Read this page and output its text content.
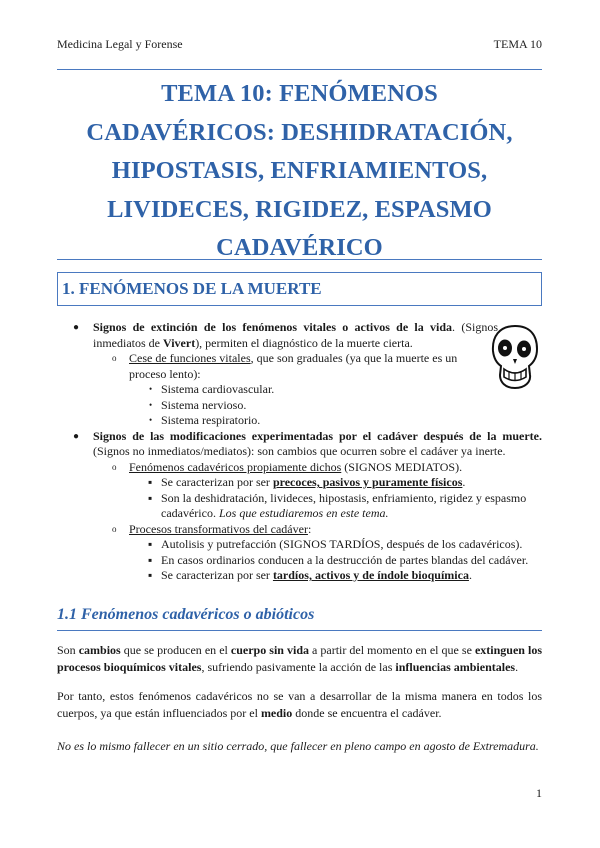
Medicina Legal y Forense	TEMA 10
TEMA 10: FENÓMENOS
CADAVÉRICOS: DESHIDRATACIÓN,
HIPOSTASIS, ENFRIAMIENTOS,
LIVIDECES, RIGIDEZ, ESPASMO
CADAVÉRICO
1. FENÓMENOS DE LA MUERTE
● Signos de extinción de los fenómenos vitales o activos de la vida. (Signos inmediatos de Vivert), permiten el diagnóstico de la muerte cierta.
o Cese de funciones vitales, que son graduales (ya que la muerte es un proceso lento):
• Sistema cardiovascular.
• Sistema nervioso.
• Sistema respiratorio.
● Signos de las modificaciones experimentadas por el cadáver después de la muerte. (Signos no inmediatos/mediatos): son cambios que ocurren sobre el cadáver ya inerte.
o Fenómenos cadavéricos propiamente dichos (SIGNOS MEDIATOS).
▪ Se caracterizan por ser precoces, pasivos y puramente físicos.
▪ Son la deshidratación, lividеces, hipostasis, enfriamiento, rigidez y espasmo cadavérico. Los que estudiaremos en este tema.
o Procesos transformativos del cadáver:
▪ Autolisis y putrefacción (SIGNOS TARDÍOS, después de los cadavéricos).
▪ En casos ordinarios conducen a la destrucción de partes blandas del cadáver.
▪ Se caracterizan por ser tardíos, activos y de índole bioquímica.
1.1 Fenómenos cadavéricos o abióticos
Son cambios que se producen en el cuerpo sin vida a partir del momento en el que se extinguen los procesos bioquímicos vitales, sufriendo pasivamente la acción de las influencias ambientales.
Por tanto, estos fenómenos cadavéricos no se van a desarrollar de la misma manera en todos los cuerpos, ya que están influenciados por el medio donde se encuentra el cadáver.
No es lo mismo fallecer en un sitio cerrado, que fallecer en pleno campo en agosto de Extremadura.
1
